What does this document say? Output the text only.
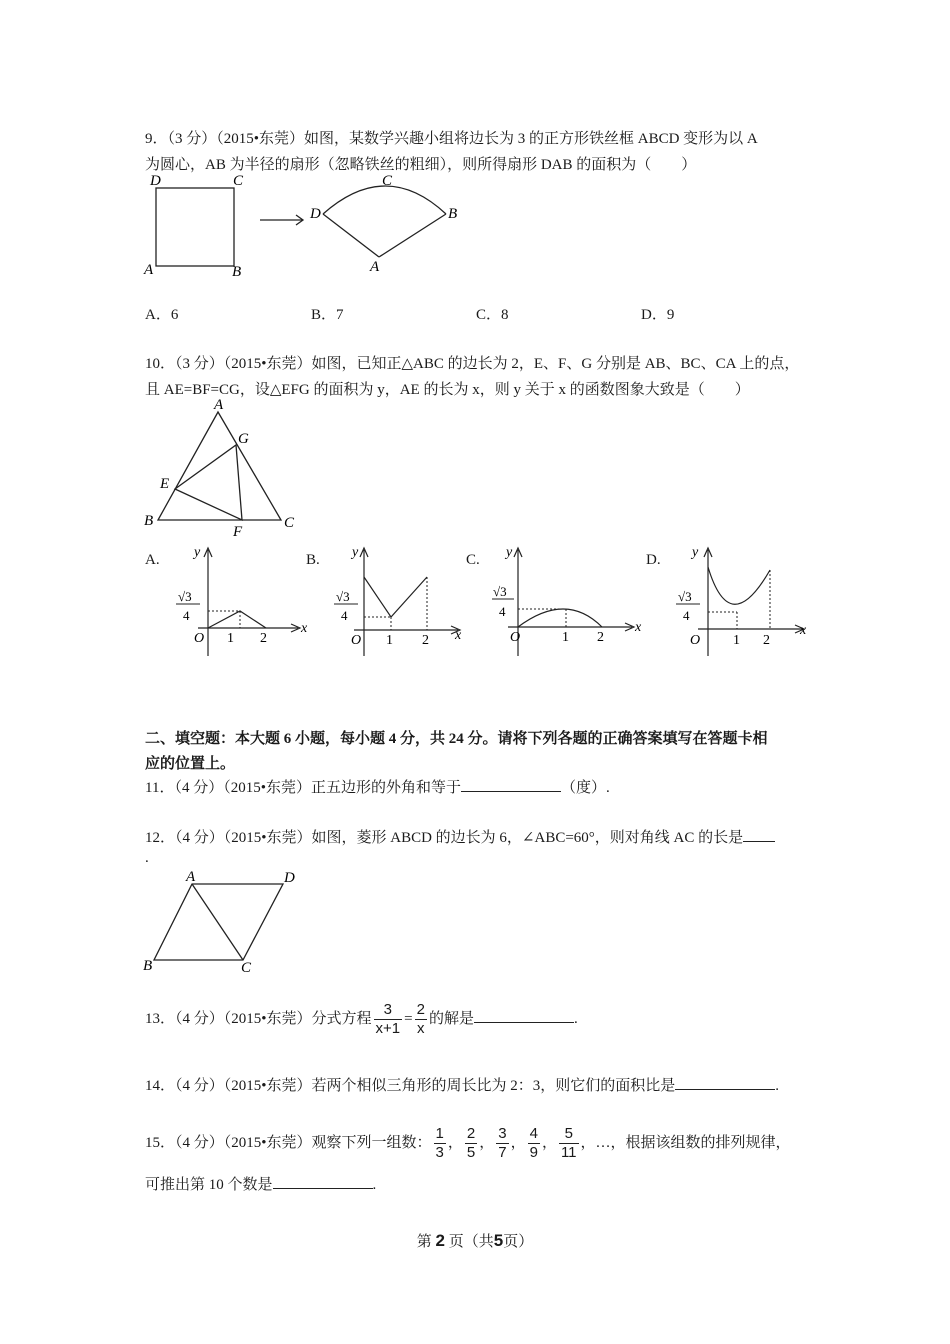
9．（3 分）（2015•东莞）如图，某数学兴趣小组将边长为 3 的正方形铁丝框 ABCD 变形为以 A
为圆心，AB 为半径的扇形（忽略铁丝的粗细），则所得扇形 DAB 的面积为（　　）
D	C
A	B
D
C
B
A
A．6	B．7	C．8	D．9
10．（3 分）（2015•东莞）如图，已知正△ABC 的边长为 2，E、F、G 分别是 AB、BC、CA 上的点，
且 AE=BF=CG，设△EFG 的面积为 y，AE 的长为 x，则 y 关于 x 的函数图象大致是（　　）
A
B	C
E
F
G
A.	B.	C.	D.
y
x
O 1 2
√3
4
y
x
O 1 2
√3
4
y
x
O	1 2
√3
4
y
x
O 1 2
√3
4
二、填空题：本大题 6 小题，每小题 4 分，共 24 分。请将下列各题的正确答案填写在答题卡相
应的位置上。
11．（4 分）（2015•东莞）正五边形的外角和等于	（度）.
12．（4 分）（2015•东莞）如图，菱形 ABCD 的边长为 6，∠ABC=60°，则对角线 AC 的长是
.
A	D
B	C
13．（4 分）（2015•东莞）分式方程 $\frac{3}{x+1} = \frac{2}{x}$ 的解是	.
14．（4 分）（2015•东莞）若两个相似三角形的周长比为 2：3，则它们的面积比是	.
15．（4 分）（2015•东莞）观察下列一组数： $\frac{1}{3}$ ， $\frac{2}{5}$ ， $\frac{3}{7}$ ， $\frac{4}{9}$ ， $\frac{5}{11}$ ，…，根据该组数的排列规律，
可推出第 10 个数是	.
第 2 页（共5页）
